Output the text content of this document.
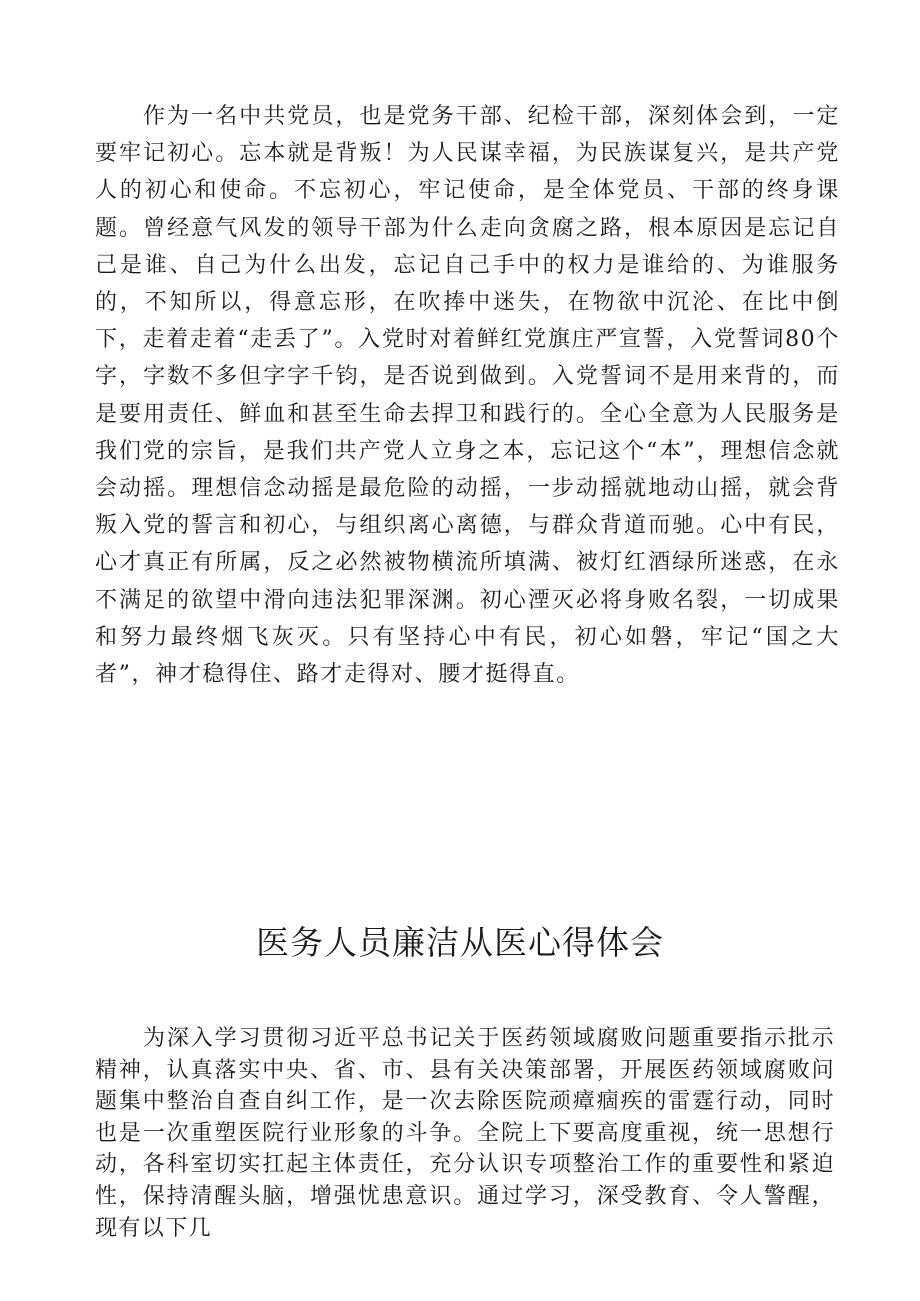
作为一名中共党员，也是党务干部、纪检干部，深刻体会到，一定要牢记初心。忘本就是背叛！为人民谋幸福，为民族谋复兴，是共产党人的初心和使命。不忘初心，牢记使命，是全体党员、干部的终身课题。曾经意气风发的领导干部为什么走向贪腐之路，根本原因是忘记自己是谁、自己为什么出发，忘记自己手中的权力是谁给的、为谁服务的，不知所以，得意忘形，在吹捧中迷失，在物欲中沉沦、在比中倒下，走着走着“走丢了”。入党时对着鲜红党旗庄严宣誓，入党誓词80个字，字数不多但字字千钧，是否说到做到。入党誓词不是用来背的，而是要用责任、鲜血和甚至生命去捍卫和践行的。全心全意为人民服务是我们党的宗旨，是我们共产党人立身之本，忘记这个“本”，理想信念就会动摇。理想信念动摇是最危险的动摇，一步动摇就地动山摇，就会背叛入党的誓言和初心，与组织离心离德，与群众背道而驰。心中有民，心才真正有所属，反之必然被物横流所填满、被灯红酒绿所迷惑，在永不满足的欲望中滑向违法犯罪深渊。初心湮灭必将身败名裂，一切成果和努力最终烟飞灰灭。只有坚持心中有民，初心如磐，牢记“国之大者”，神才稳得住、路才走得对、腰才挺得直。

医务人员廉洁从医心得体会

为深入学习贯彻习近平总书记关于医药领域腐败问题重要指示批示精神，认真落实中央、省、市、县有关决策部署，开展医药领域腐败问题集中整治自查自纠工作，是一次去除医院顽瘴痼疾的雷霆行动，同时也是一次重塑医院行业形象的斗争。全院上下要高度重视，统一思想行动，各科室切实扛起主体责任，充分认识专项整治工作的重要性和紧迫性，保持清醒头脑，增强忧患意识。通过学习，深受教育、令人警醒，现有以下几
